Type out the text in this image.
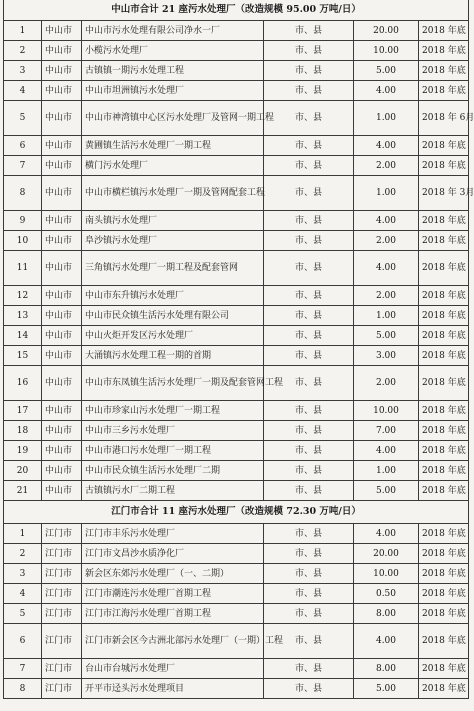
中山市合计 21 座污水处理厂（改造规模 95.00 万吨/日）					
1	中山市	中山市污水处理有限公司净水一厂	市、县	20.00	2018 年底
2	中山市	小榄污水处理厂	市、县	10.00	2018 年底
3	中山市	古镇镇一期污水处理工程	市、县	5.00	2018 年底
4	中山市	中山市坦洲镇污水处理厂	市、县	4.00	2018 年底
5	中山市	中山市神湾镇中心区污水处理厂及管网一期工程	市、县	1.00	2018 年 6月
6	中山市	黄圃镇生活污水处理厂一期工程	市、县	4.00	2018 年底
7	中山市	横门污水处理厂	市、县	2.00	2018 年底
8	中山市	中山市横栏镇污水处理厂一期及管网配套工程	市、县	1.00	2018 年 3月
9	中山市	南头镇污水处理厂	市、县	4.00	2018 年底
10	中山市	阜沙镇污水处理厂	市、县	2.00	2018 年底
11	中山市	三角镇污水处理厂一期工程及配套管网	市、县	4.00	2018 年底
12	中山市	中山市东升镇污水处理厂	市、县	2.00	2018 年底
13	中山市	中山市民众镇生活污水处理有限公司	市、县	1.00	2018 年底
14	中山市	中山火炬开发区污水处理厂	市、县	5.00	2018 年底
15	中山市	大涌镇污水处理工程一期的首期	市、县	3.00	2018 年底
16	中山市	中山市东凤镇生活污水处理厂一期及配套管网工程	市、县	2.00	2018 年底
17	中山市	中山市珍家山污水处理厂一期工程	市、县	10.00	2018 年底
18	中山市	中山市三乡污水处理厂	市、县	7.00	2018 年底
19	中山市	中山市港口污水处理厂一期工程	市、县	4.00	2018 年底
20	中山市	中山市民众镇生活污水处理厂二期	市、县	1.00	2018 年底
21	中山市	古镇镇污水厂二期工程	市、县	5.00	2018 年底
江门市合计 11 座污水处理厂（改造规模 72.30 万吨/日）					
1	江门市	江门市丰乐污水处理厂	市、县	4.00	2018 年底
2	江门市	江门市文昌沙水质净化厂	市、县	20.00	2018 年底
3	江门市	新会区东郊污水处理厂（一、二期）	市、县	10.00	2018 年底
4	江门市	江门市潮连污水处理厂首期工程	市、县	0.50	2018 年底
5	江门市	江门市江海污水处理厂首期工程	市、县	8.00	2018 年底
6	江门市	江门市新会区今古洲北部污水处理厂（一期）工程	市、县	4.00	2018 年底
7	江门市	台山市台城污水处理厂	市、县	8.00	2018 年底
8	江门市	开平市迳头污水处理项目	市、县	5.00	2018 年底
